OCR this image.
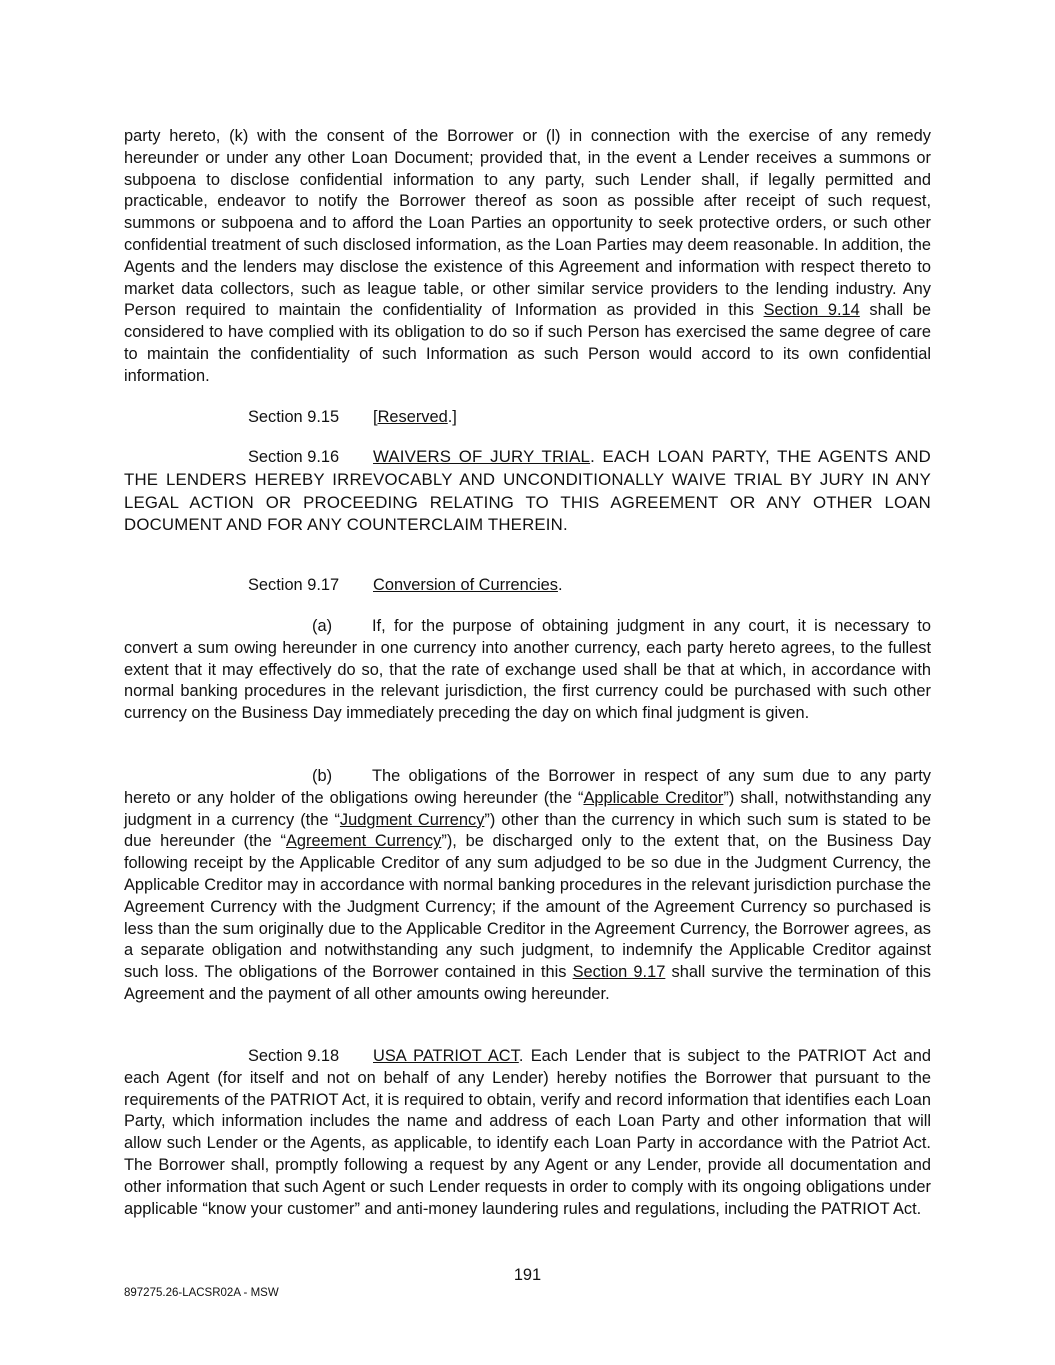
party hereto, (k) with the consent of the Borrower or (l) in connection with the exercise of any remedy hereunder or under any other Loan Document; provided that, in the event a Lender receives a summons or subpoena to disclose confidential information to any party, such Lender shall, if legally permitted and practicable, endeavor to notify the Borrower thereof as soon as possible after receipt of such request, summons or subpoena and to afford the Loan Parties an opportunity to seek protective orders, or such other confidential treatment of such disclosed information, as the Loan Parties may deem reasonable. In addition, the Agents and the lenders may disclose the existence of this Agreement and information with respect thereto to market data collectors, such as league table, or other similar service providers to the lending industry. Any Person required to maintain the confidentiality of Information as provided in this Section 9.14 shall be considered to have complied with its obligation to do so if such Person has exercised the same degree of care to maintain the confidentiality of such Information as such Person would accord to its own confidential information.

Section 9.15 [Reserved.]

Section 9.16 WAIVERS OF JURY TRIAL. EACH LOAN PARTY, THE AGENTS AND THE LENDERS HEREBY IRREVOCABLY AND UNCONDITIONALLY WAIVE TRIAL BY JURY IN ANY LEGAL ACTION OR PROCEEDING RELATING TO THIS AGREEMENT OR ANY OTHER LOAN DOCUMENT AND FOR ANY COUNTERCLAIM THEREIN.

Section 9.17 Conversion of Currencies.

(a) If, for the purpose of obtaining judgment in any court, it is necessary to convert a sum owing hereunder in one currency into another currency, each party hereto agrees, to the fullest extent that it may effectively do so, that the rate of exchange used shall be that at which, in accordance with normal banking procedures in the relevant jurisdiction, the first currency could be purchased with such other currency on the Business Day immediately preceding the day on which final judgment is given.

(b) The obligations of the Borrower in respect of any sum due to any party hereto or any holder of the obligations owing hereunder (the “Applicable Creditor”) shall, notwithstanding any judgment in a currency (the “Judgment Currency”) other than the currency in which such sum is stated to be due hereunder (the “Agreement Currency”), be discharged only to the extent that, on the Business Day following receipt by the Applicable Creditor of any sum adjudged to be so due in the Judgment Currency, the Applicable Creditor may in accordance with normal banking procedures in the relevant jurisdiction purchase the Agreement Currency with the Judgment Currency; if the amount of the Agreement Currency so purchased is less than the sum originally due to the Applicable Creditor in the Agreement Currency, the Borrower agrees, as a separate obligation and notwithstanding any such judgment, to indemnify the Applicable Creditor against such loss. The obligations of the Borrower contained in this Section 9.17 shall survive the termination of this Agreement and the payment of all other amounts owing hereunder.

Section 9.18 USA PATRIOT ACT. Each Lender that is subject to the PATRIOT Act and each Agent (for itself and not on behalf of any Lender) hereby notifies the Borrower that pursuant to the requirements of the PATRIOT Act, it is required to obtain, verify and record information that identifies each Loan Party, which information includes the name and address of each Loan Party and other information that will allow such Lender or the Agents, as applicable, to identify each Loan Party in accordance with the Patriot Act. The Borrower shall, promptly following a request by any Agent or any Lender, provide all documentation and other information that such Agent or such Lender requests in order to comply with its ongoing obligations under applicable “know your customer” and anti-money laundering rules and regulations, including the PATRIOT Act.

191
897275.26-LACSR02A - MSW
